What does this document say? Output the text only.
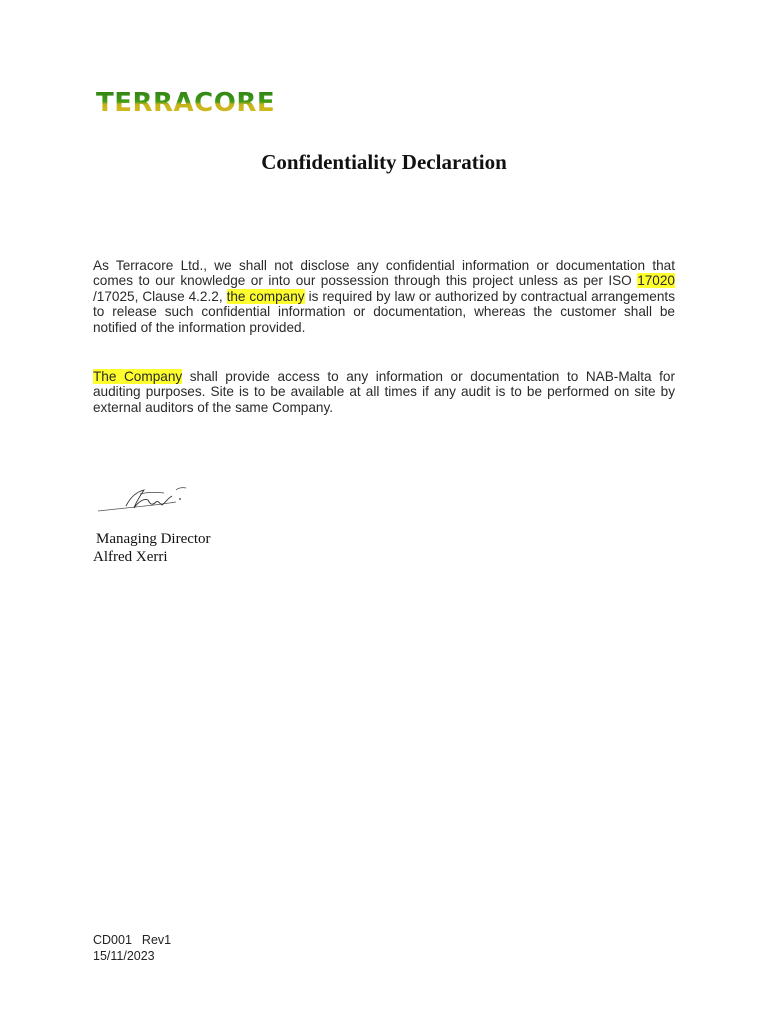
TERRACORE
Confidentiality Declaration
As Terracore Ltd., we shall not disclose any confidential information or documentation that comes to our knowledge or into our possession through this project unless as per ISO 17020 /17025, Clause 4.2.2, the company is required by law or authorized by contractual arrangements to release such confidential information or documentation, whereas the customer shall be notified of the information provided.
The Company shall provide access to any information or documentation to NAB-Malta for auditing purposes. Site is to be available at all times if any audit is to be performed on site by external auditors of the same Company.
Managing Director
Alfred Xerri
CD001 Rev1
15/11/2023
